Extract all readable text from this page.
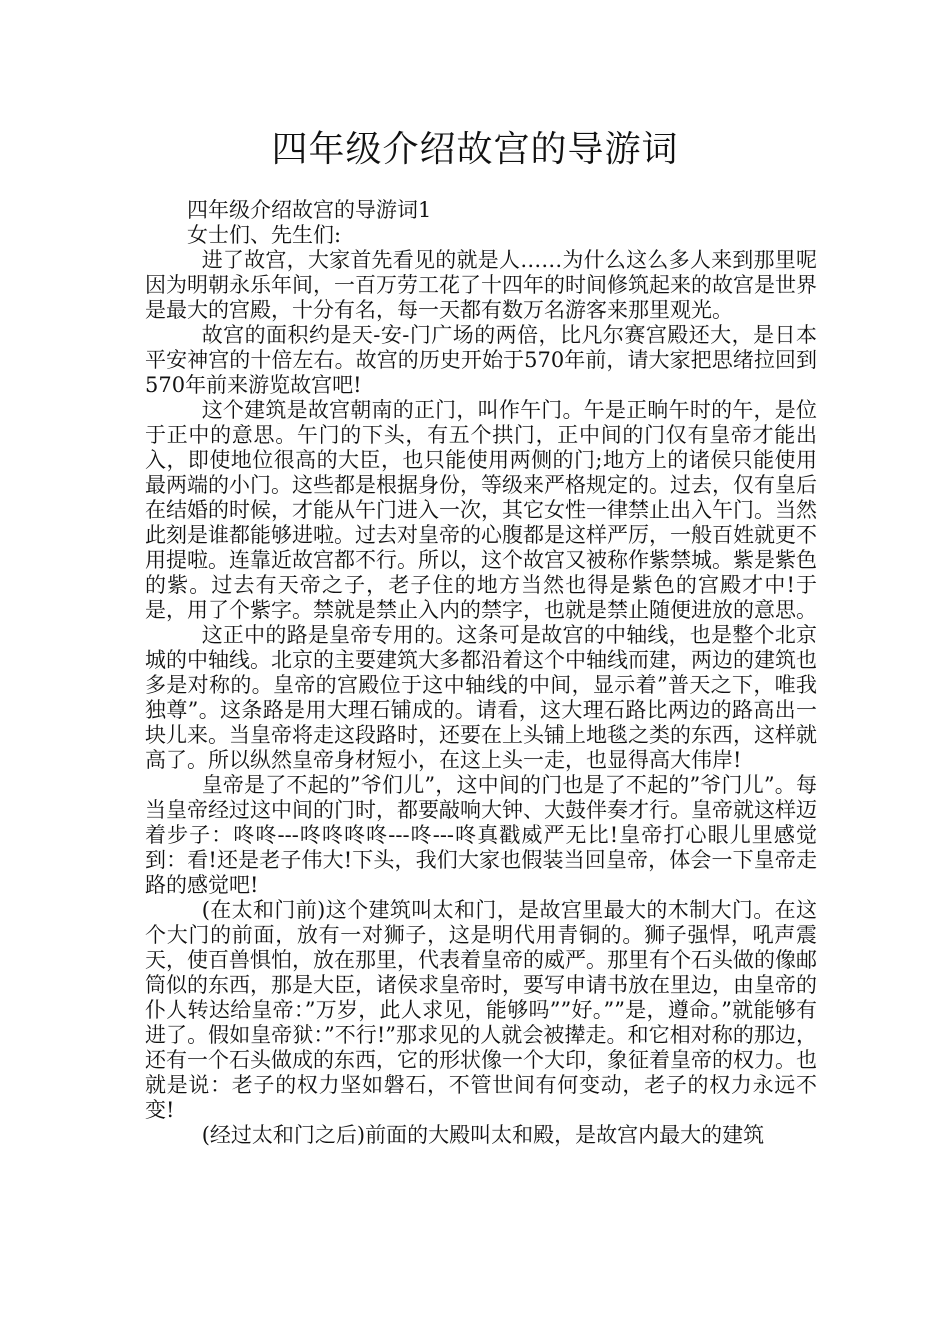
四年级介绍故宫的导游词

四年级介绍故宫的导游词1

女士们、先生们:

进了故宫，大家首先看见的就是人……为什么这么多人来到那里呢因为明朝永乐年间，一百万劳工花了十四年的时间修筑起来的故宫是世界是最大的宫殿，十分有名，每一天都有数万名游客来那里观光。

故宫的面积约是天-安-门广场的两倍，比凡尔赛宫殿还大，是日本平安神宫的十倍左右。故宫的历史开始于570年前，请大家把思绪拉回到570年前来游览故宫吧!

这个建筑是故宫朝南的正门，叫作午门。午是正晌午时的午，是位于正中的意思。午门的下头，有五个拱门，正中间的门仅有皇帝才能出入，即使地位很高的大臣，也只能使用两侧的门;地方上的诸侯只能使用最两端的小门。这些都是根据身份，等级来严格规定的。过去，仅有皇后在结婚的时候，才能从午门进入一次，其它女性一律禁止出入午门。当然此刻是谁都能够进啦。过去对皇帝的心腹都是这样严厉，一般百姓就更不用提啦。连靠近故宫都不行。所以，这个故宫又被称作紫禁城。紫是紫色的紫。过去有天帝之子，老子住的地方当然也得是紫色的宫殿才中!于是，用了个紫字。禁就是禁止入内的禁字，也就是禁止随便进放的意思。

这正中的路是皇帝专用的。这条可是故宫的中轴线，也是整个北京城的中轴线。北京的主要建筑大多都沿着这个中轴线而建，两边的建筑也多是对称的。皇帝的宫殿位于这中轴线的中间，显示着”普天之下，唯我独尊”。这条路是用大理石铺成的。请看，这大理石路比两边的路高出一块儿来。当皇帝将走这段路时，还要在上头铺上地毯之类的东西，这样就高了。所以纵然皇帝身材短小，在这上头一走，也显得高大伟岸!

皇帝是了不起的”爷们儿”，这中间的门也是了不起的”爷门儿”。每当皇帝经过这中间的门时，都要敲响大钟、大鼓伴奏才行。皇帝就这样迈着步子：咚咚---咚咚咚咚---咚---咚真戳威严无比!皇帝打心眼儿里感觉到：看!还是老子伟大!下头，我们大家也假装当回皇帝，体会一下皇帝走路的感觉吧!

(在太和门前)这个建筑叫太和门，是故宫里最大的木制大门。在这个大门的前面，放有一对狮子，这是明代用青铜的。狮子强悍，吼声震天，使百兽惧怕，放在那里，代表着皇帝的威严。那里有个石头做的像邮筒似的东西，那是大臣，诸侯求皇帝时，要写申请书放在里边，由皇帝的仆人转达给皇帝：”万岁，此人求见，能够吗””好。””是，遵命。”就能够有进了。假如皇帝狱：”不行!”那求见的人就会被撵走。和它相对称的那边，还有一个石头做成的东西，它的形状像一个大印，象征着皇帝的权力。也就是说：老子的权力坚如磐石，不管世间有何变动，老子的权力永远不变!

(经过太和门之后)前面的大殿叫太和殿，是故宫内最大的建筑
